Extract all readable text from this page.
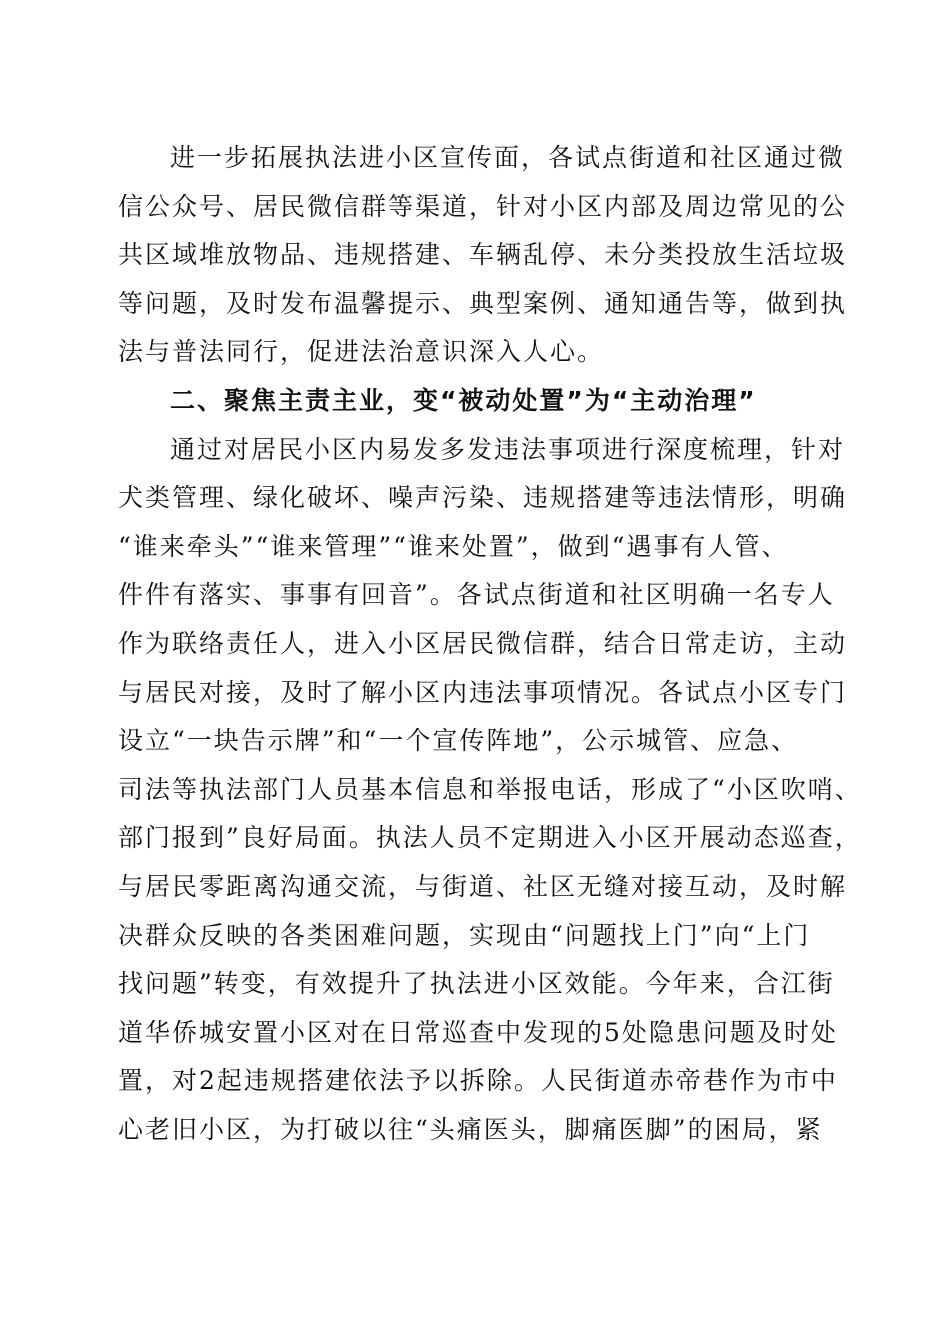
进一步拓展执法进小区宣传面，各试点街道和社区通过微
信公众号、居民微信群等渠道，针对小区内部及周边常见的公
共区域堆放物品、违规搭建、车辆乱停、未分类投放生活垃圾
等问题，及时发布温馨提示、典型案例、通知通告等，做到执
法与普法同行，促进法治意识深入人心。
二、聚焦主责主业，变“被动处置”为“主动治理”
通过对居民小区内易发多发违法事项进行深度梳理，针对
犬类管理、绿化破坏、噪声污染、违规搭建等违法情形，明确
“谁来牵头”“谁来管理”“谁来处置”，做到“遇事有人管、
件件有落实、事事有回音”。各试点街道和社区明确一名专人
作为联络责任人，进入小区居民微信群，结合日常走访，主动
与居民对接，及时了解小区内违法事项情况。各试点小区专门
设立“一块告示牌”和“一个宣传阵地”，公示城管、应急、
司法等执法部门人员基本信息和举报电话，形成了“小区吹哨、
部门报到”良好局面。执法人员不定期进入小区开展动态巡查，
与居民零距离沟通交流，与街道、社区无缝对接互动，及时解
决群众反映的各类困难问题，实现由“问题找上门”向“上门
找问题”转变，有效提升了执法进小区效能。今年来，合江街
道华侨城安置小区对在日常巡查中发现的5处隐患问题及时处
置，对2起违规搭建依法予以拆除。人民街道赤帝巷作为市中
心老旧小区，为打破以往“头痛医头，脚痛医脚”的困局，紧
